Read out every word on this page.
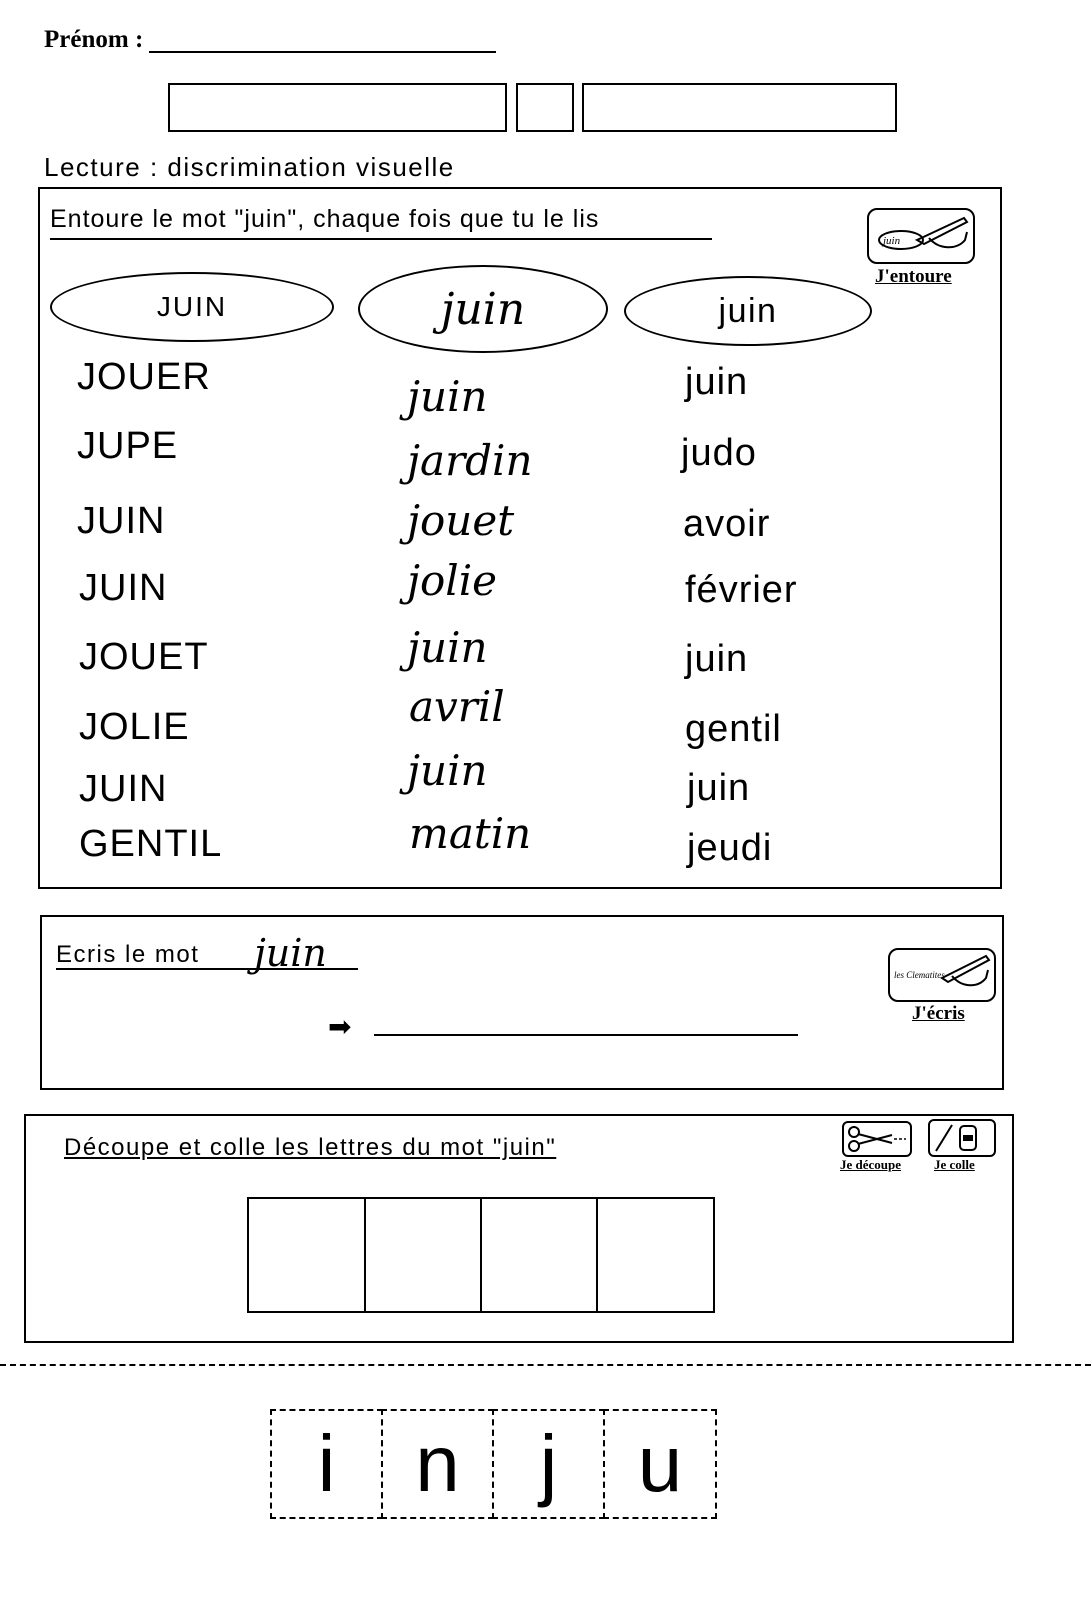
Prénom :
Lecture : discrimination visuelle
Entoure le mot "juin", chaque fois que tu le lis
juin
J'entoure
JUIN	juin	juin
JOUER
JUPE
JUIN
JUIN
JOUET
JOLIE
JUIN
GENTIL
juin
jardin
jouet
jolie
juin
avril
juin
matin
juin
judo
avoir
février
juin
gentil
juin
jeudi
Ecris le mot juin
➡
les Clematites
J'écris
Découpe et colle les lettres du mot "juin"
Je découpe	Je colle
i n j	u
